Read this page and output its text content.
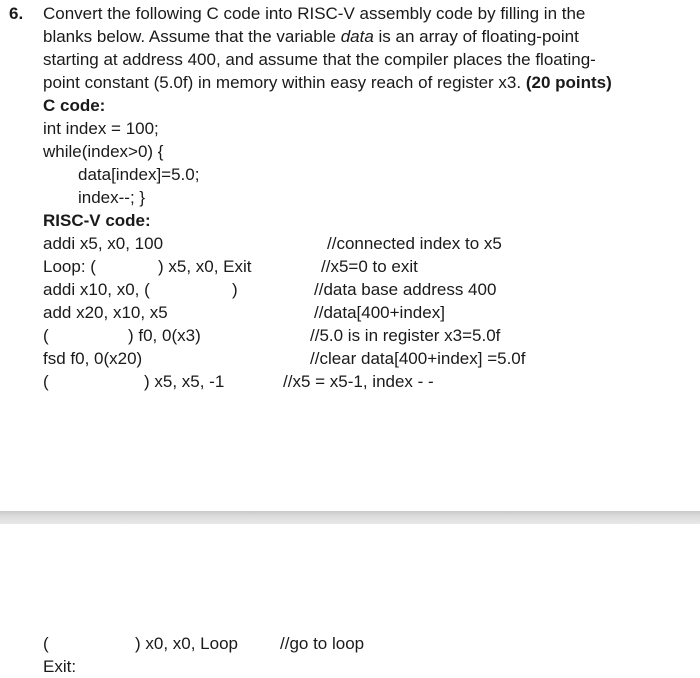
6. Convert the following C code into RISC-V assembly code by filling in the
blanks below. Assume that the variable data is an array of floating-point
starting at address 400, and assume that the compiler places the floating-
point constant (5.0f) in memory within easy reach of register x3. (20 points)
C code:
int index = 100;
while(index>0) {
data[index]=5.0;
index--; }
RISC-V code:
addi x5, x0, 100	//connected index to x5
Loop: (	) x5, x0, Exit	//x5=0 to exit
addi x10, x0, (	)	//data base address 400
add x20, x10, x5	//data[400+index]
(	) f0, 0(x3)	//5.0 is in register x3=5.0f
fsd f0, 0(x20)	//clear data[400+index] =5.0f
(	) x5, x5, -1	//x5 = x5-1, index - -
(	) x0, x0, Loop //go to loop
Exit:
